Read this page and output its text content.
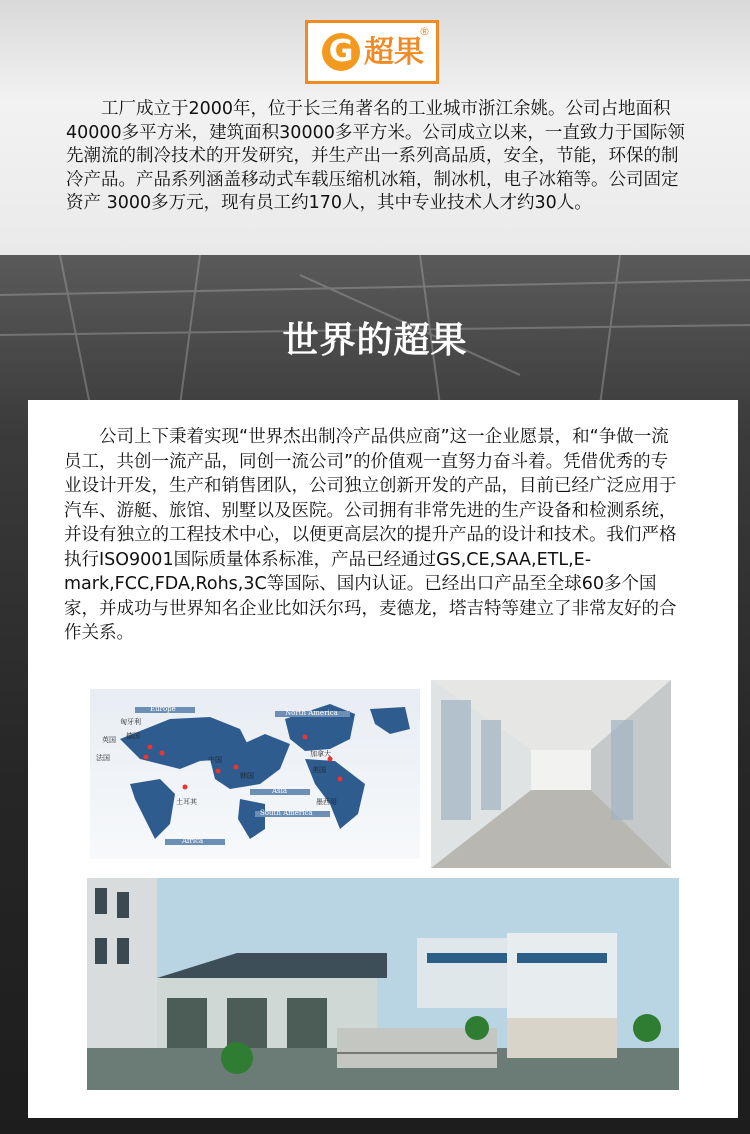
G 超果
®

工厂成立于2000年，位于长三角著名的工业城市浙江余姚。公司占地面积40000多平方米，建筑面积30000多平方米。公司成立以来，一直致力于国际领先潮流的制冷技术的开发研究，并生产出一系列高品质，安全，节能，环保的制冷产品。产品系列涵盖移动式车载压缩机冰箱，制冰机，电子冰箱等。公司固定资产 3000多万元，现有员工约170人，其中专业技术人才约30人。

世界的超果

公司上下秉着实现“世界杰出制冷产品供应商”这一企业愿景，和“争做一流员工，共创一流产品，同创一流公司”的价值观一直努力奋斗着。凭借优秀的专业设计开发，生产和销售团队，公司独立创新开发的产品，目前已经广泛应用于汽车、游艇、旅馆、别墅以及医院。公司拥有非常先进的生产设备和检测系统，并设有独立的工程技术中心，以便更高层次的提升产品的设计和技术。我们严格执行ISO9001国际质量体系标准，产品已经通过GS,CE,SAA,ETL,E-mark,FCC,FDA,Rohs,3C等国际、国内认证。已经出口产品至全球60多个国家，并成功与世界知名企业比如沃尔玛，麦德龙，塔吉特等建立了非常友好的合作关系。

Europe	North America
Asia
South America
Africa
匈牙利
英国 德国
法国	中国
韩国
加拿大
美国
墨西哥
土耳其
